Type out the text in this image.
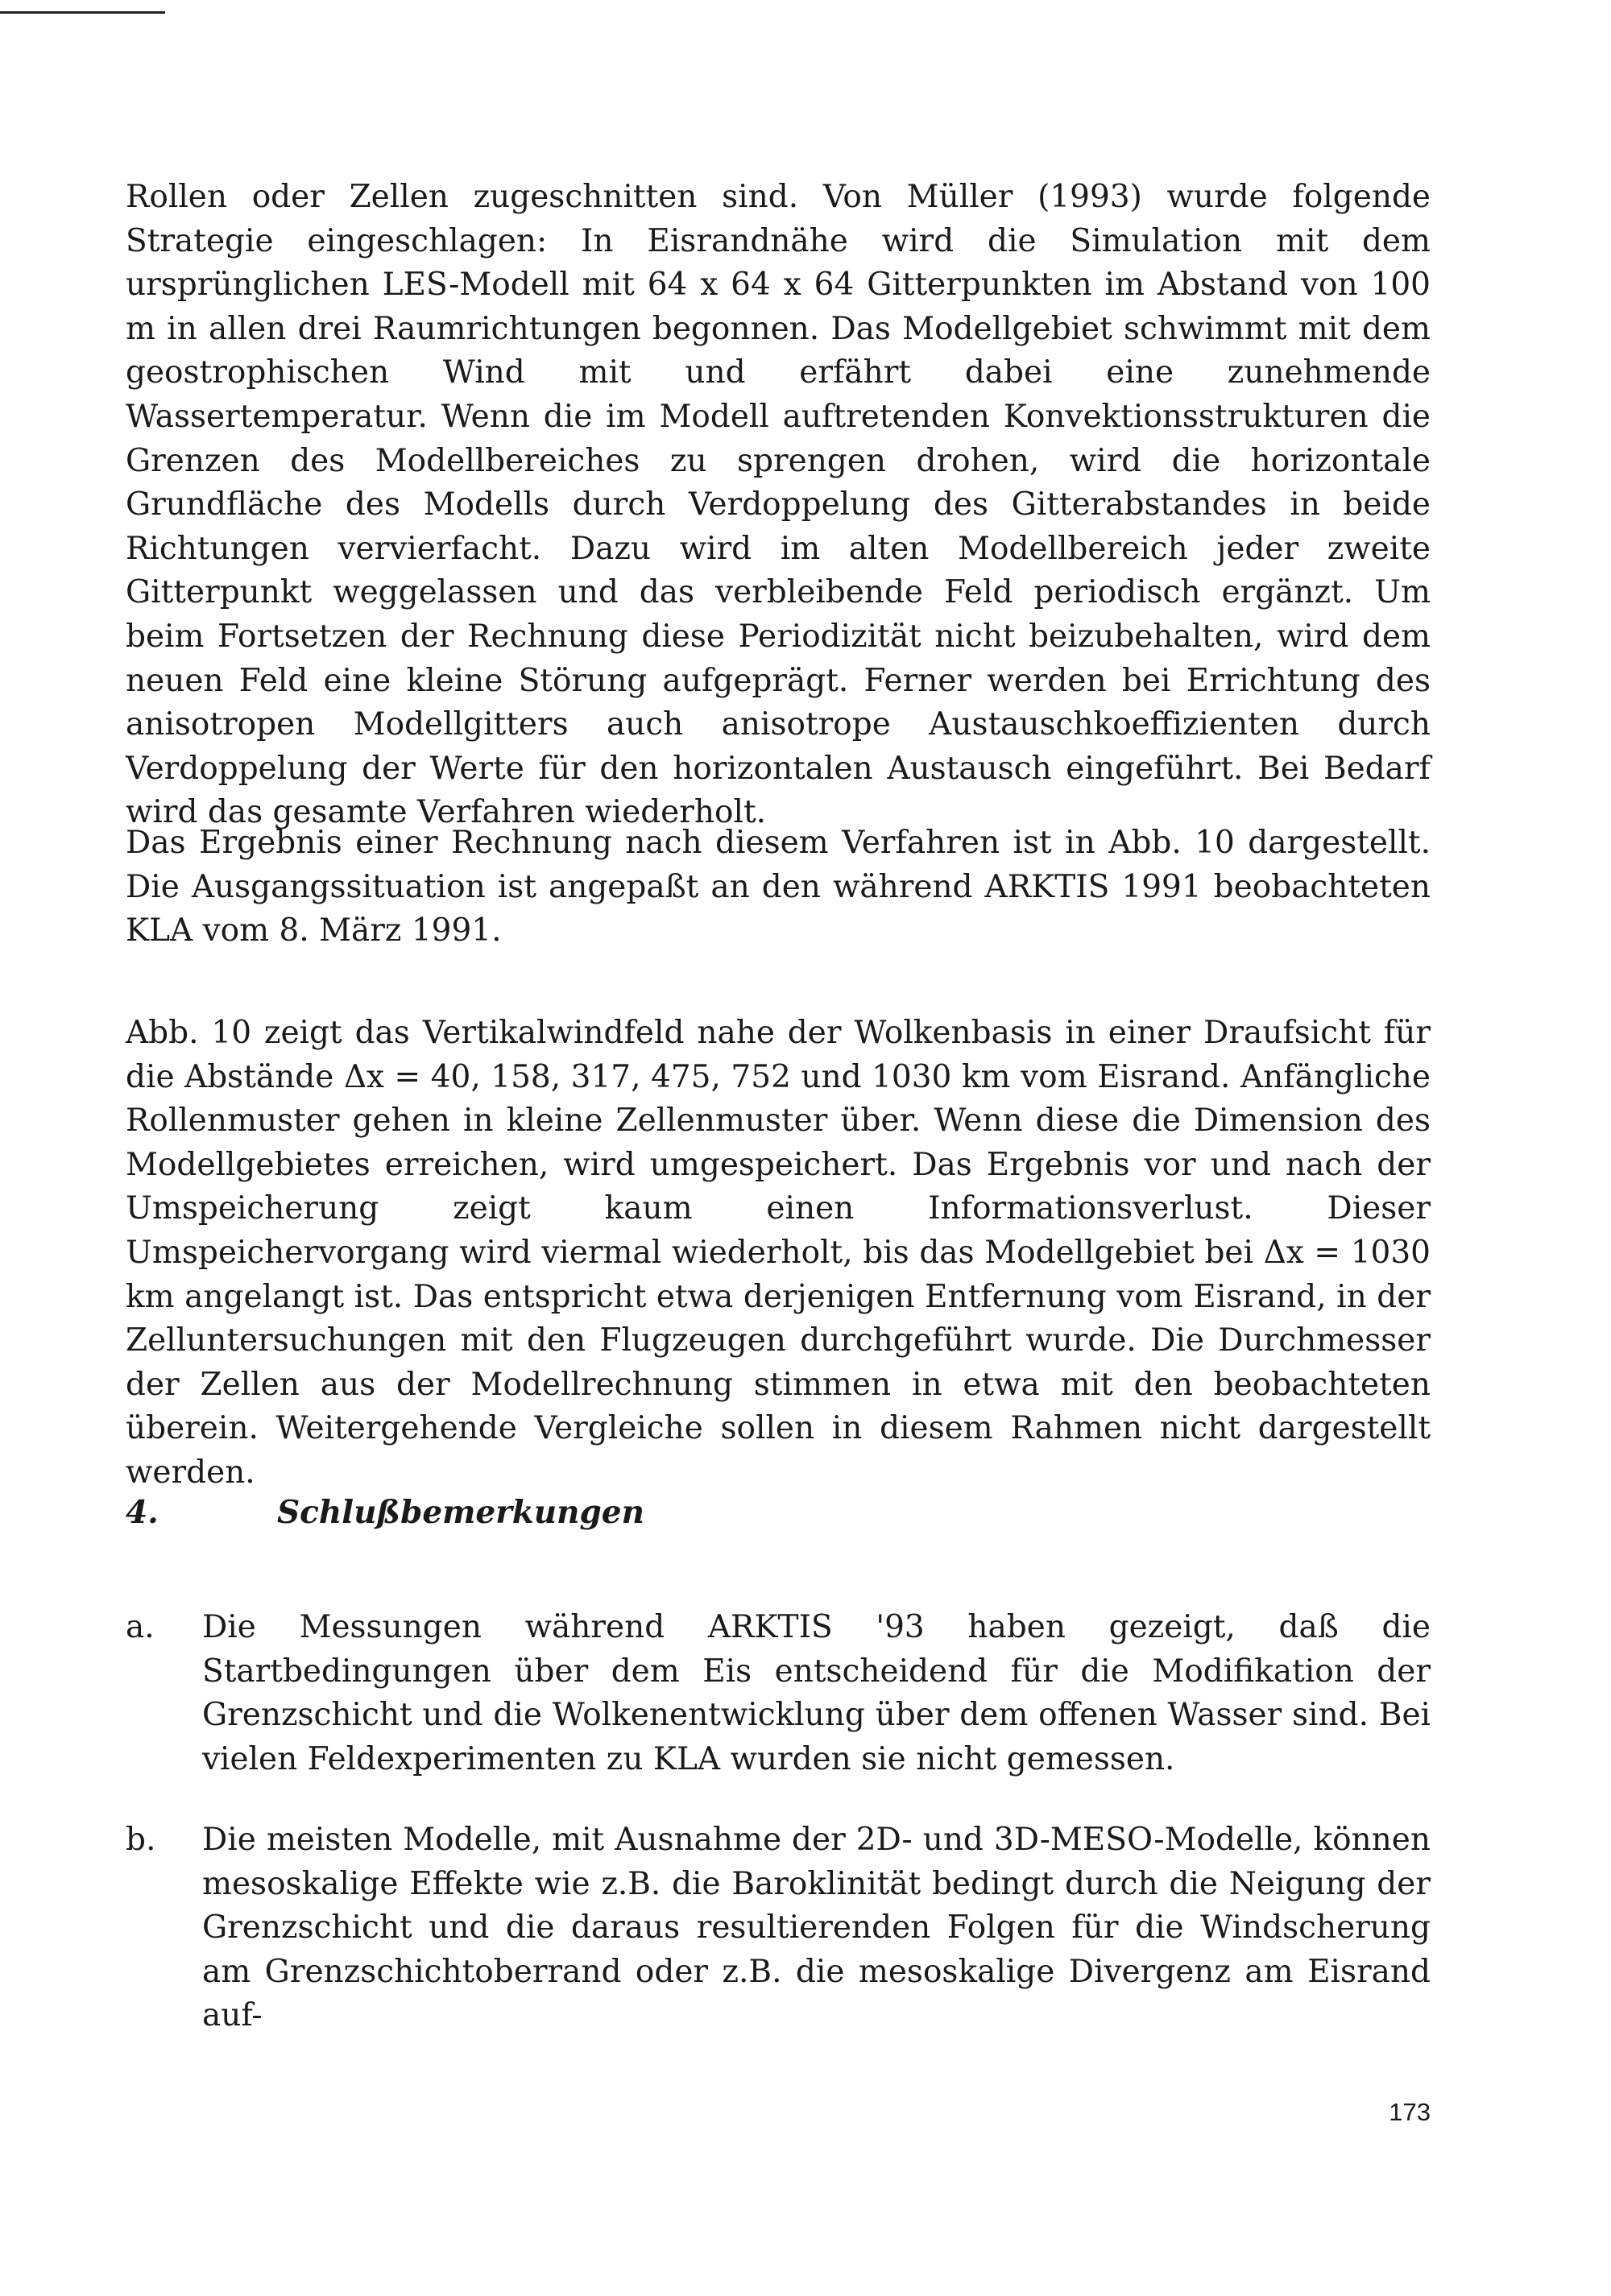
Rollen oder Zellen zugeschnitten sind. Von Müller (1993) wurde folgende Strategie eingeschlagen: In Eisrandnähe wird die Simulation mit dem ursprünglichen LES-Modell mit 64 x 64 x 64 Gitterpunkten im Abstand von 100 m in allen drei Raumrichtungen begonnen. Das Modellgebiet schwimmt mit dem geostrophischen Wind mit und erfährt dabei eine zunehmende Wassertemperatur. Wenn die im Modell auftretenden Konvektionsstrukturen die Grenzen des Modellbereiches zu sprengen drohen, wird die horizontale Grundfläche des Modells durch Verdoppelung des Gitterabstandes in beide Richtungen vervierfacht. Dazu wird im alten Modellbereich jeder zweite Gitterpunkt weggelassen und das verbleibende Feld periodisch ergänzt. Um beim Fortsetzen der Rechnung diese Periodizität nicht beizubehalten, wird dem neuen Feld eine kleine Störung aufgeprägt. Ferner werden bei Errichtung des anisotropen Modellgitters auch anisotrope Austauschkoeffizienten durch Verdoppelung der Werte für den horizontalen Austausch eingeführt. Bei Bedarf wird das gesamte Verfahren wiederholt.

Das Ergebnis einer Rechnung nach diesem Verfahren ist in Abb. 10 dargestellt. Die Ausgangssituation ist angepaßt an den während ARKTIS 1991 beobachteten KLA vom 8. März 1991.

Abb. 10 zeigt das Vertikalwindfeld nahe der Wolkenbasis in einer Draufsicht für die Abstände Δx = 40, 158, 317, 475, 752 und 1030 km vom Eisrand. Anfängliche Rollenmuster gehen in kleine Zellenmuster über. Wenn diese die Dimension des Modellgebietes erreichen, wird umgespeichert. Das Ergebnis vor und nach der Umspeicherung zeigt kaum einen Informationsverlust. Dieser Umspeichervorgang wird viermal wiederholt, bis das Modellgebiet bei Δx = 1030 km angelangt ist. Das entspricht etwa derjenigen Entfernung vom Eisrand, in der Zelluntersuchungen mit den Flugzeugen durchgeführt wurde. Die Durchmesser der Zellen aus der Modellrechnung stimmen in etwa mit den beobachteten überein. Weitergehende Vergleiche sollen in diesem Rahmen nicht dargestellt werden.

4.	Schlußbemerkungen
a. Die Messungen während ARKTIS '93 haben gezeigt, daß die Startbedingungen über dem Eis entscheidend für die Modifikation der Grenzschicht und die Wolkenentwicklung über dem offenen Wasser sind. Bei vielen Feldexperimenten zu KLA wurden sie nicht gemessen.
b. Die meisten Modelle, mit Ausnahme der 2D- und 3D-MESO-Modelle, können mesoskalige Effekte wie z.B. die Baroklinität bedingt durch die Neigung der Grenzschicht und die daraus resultierenden Folgen für die Windscherung am Grenzschichtoberrand oder z.B. die mesoskalige Divergenz am Eisrand auf-
173
